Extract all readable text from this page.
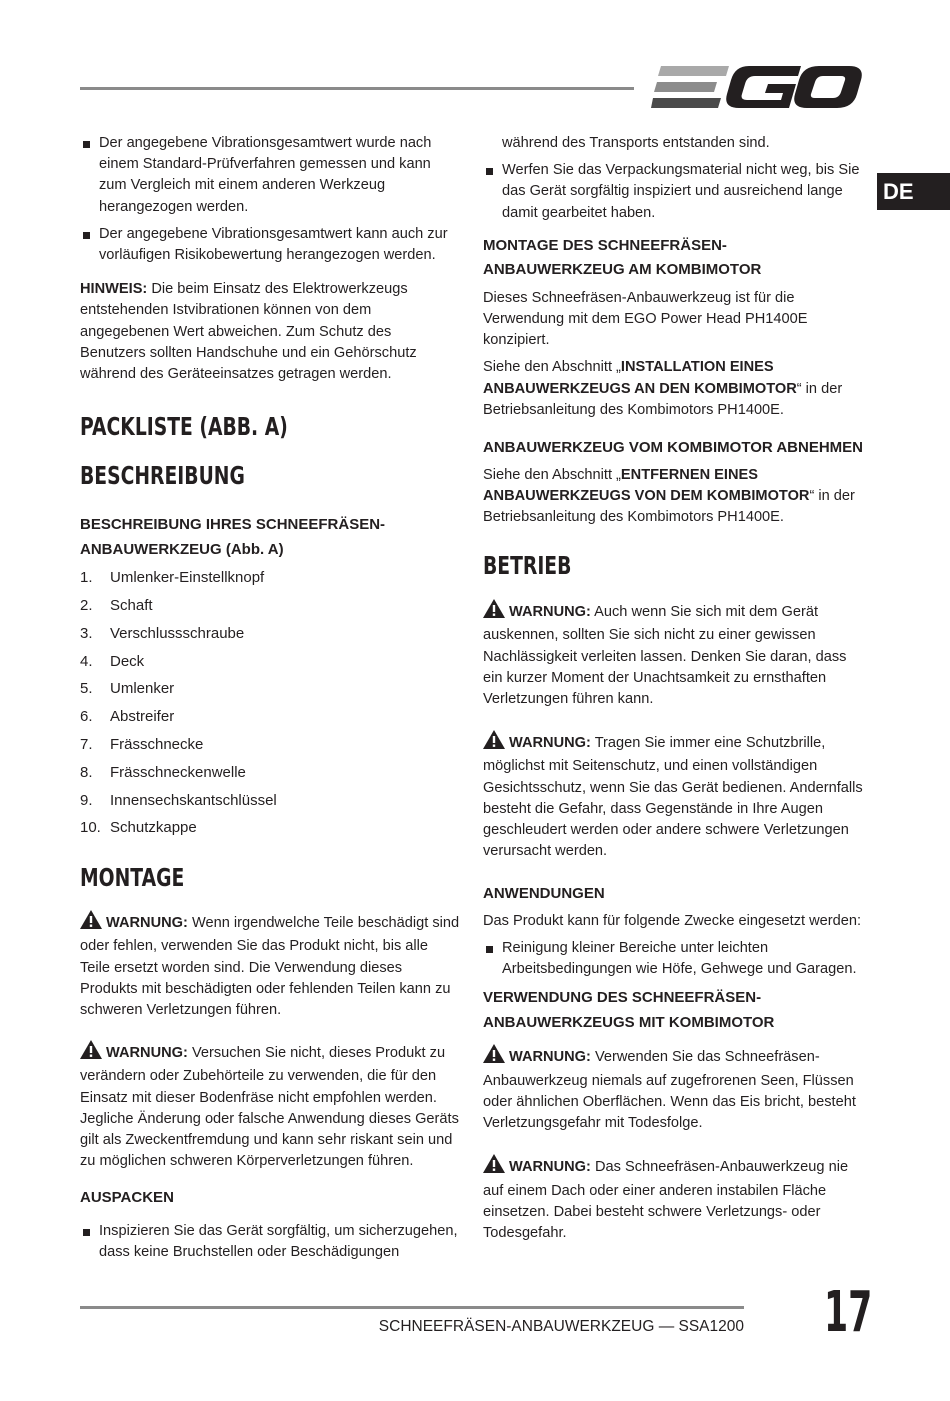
DE
Der angegebene Vibrationsgesamtwert wurde nach einem Standard-Prüfverfahren gemessen und kann zum Vergleich mit einem anderen Werkzeug herangezogen werden.
Der angegebene Vibrationsgesamtwert kann auch zur vorläufigen Risikobewertung herangezogen werden.

HINWEIS: Die beim Einsatz des Elektrowerkzeugs entstehenden Istvibrationen können von dem angegebenen Wert abweichen. Zum Schutz des Benutzers sollten Handschuhe und ein Gehörschutz während des Geräteeinsatzes getragen werden.

PACKLISTE (ABB. A)
BESCHREIBUNG
BESCHREIBUNG IHRES SCHNEEFRÄSEN-ANBAUWERKZEUG (Abb. A)
1.	Umlenker-Einstellknopf
2.	Schaft
3.	Verschlussschraube
4.	Deck
5.	Umlenker
6.	Abstreifer
7.	Frässchnecke
8.	Frässchneckenwelle
9.	Innensechskantschlüssel
10. Schutzkappe
MONTAGE

WARNUNG: Wenn irgendwelche Teile beschädigt sind oder fehlen, verwenden Sie das Produkt nicht, bis alle Teile ersetzt worden sind. Die Verwendung dieses Produkts mit beschädigten oder fehlenden Teilen kann zu schweren Verletzungen führen.

WARNUNG: Versuchen Sie nicht, dieses Produkt zu verändern oder Zubehörteile zu verwenden, die für den Einsatz mit dieser Bodenfräse nicht empfohlen werden. Jegliche Änderung oder falsche Anwendung dieses Geräts gilt als Zweckentfremdung und kann sehr riskant sein und zu möglichen schweren Körperverletzungen führen.

AUSPACKEN
Inspizieren Sie das Gerät sorgfältig, um sicherzugehen, dass keine Bruchstellen oder Beschädigungen

während des Transports entstanden sind.

Werfen Sie das Verpackungsmaterial nicht weg, bis Sie das Gerät sorgfältig inspiziert und ausreichend lange damit gearbeitet haben.
MONTAGE DES SCHNEEFRÄSEN-ANBAUWERKZEUG AM KOMBIMOTOR

Dieses Schneefräsen-Anbauwerkzeug ist für die Verwendung mit dem EGO Power Head PH1400E konzipiert.

Siehe den Abschnitt „INSTALLATION EINES ANBAUWERKZEUGS AN DEN KOMBIMOTOR“ in der Betriebsanleitung des Kombimotors PH1400E.

ANBAUWERKZEUG VOM KOMBIMOTOR ABNEHMEN

Siehe den Abschnitt „ENTFERNEN EINES ANBAUWERKZEUGS VON DEM KOMBIMOTOR“ in der Betriebsanleitung des Kombimotors PH1400E.

BETRIEB

WARNUNG: Auch wenn Sie sich mit dem Gerät auskennen, sollten Sie sich nicht zu einer gewissen Nachlässigkeit verleiten lassen. Denken Sie daran, dass ein kurzer Moment der Unachtsamkeit zu ernsthaften Verletzungen führen kann.

WARNUNG: Tragen Sie immer eine Schutzbrille, möglichst mit Seitenschutz, und einen vollständigen Gesichtsschutz, wenn Sie das Gerät bedienen. Andernfalls besteht die Gefahr, dass Gegenstände in Ihre Augen geschleudert werden oder andere schwere Verletzungen verursacht werden.

ANWENDUNGEN

Das Produkt kann für folgende Zwecke eingesetzt werden:

Reinigung kleiner Bereiche unter leichten Arbeitsbedingungen wie Höfe, Gehwege und Garagen.
VERWENDUNG DES SCHNEEFRÄSEN-ANBAUWERKZEUGS MIT KOMBIMOTOR

WARNUNG: Verwenden Sie das Schneefräsen-Anbauwerkzeug niemals auf zugefrorenen Seen, Flüssen oder ähnlichen Oberflächen. Wenn das Eis bricht, besteht Verletzungsgefahr mit Todesfolge.

WARNUNG: Das Schneefräsen-Anbauwerkzeug nie auf einem Dach oder einer anderen instabilen Fläche einsetzen. Dabei besteht schwere Verletzungs- oder Todesgefahr.

SCHNEEFRÄSEN-ANBAUWERKZEUG — SSA1200 17
